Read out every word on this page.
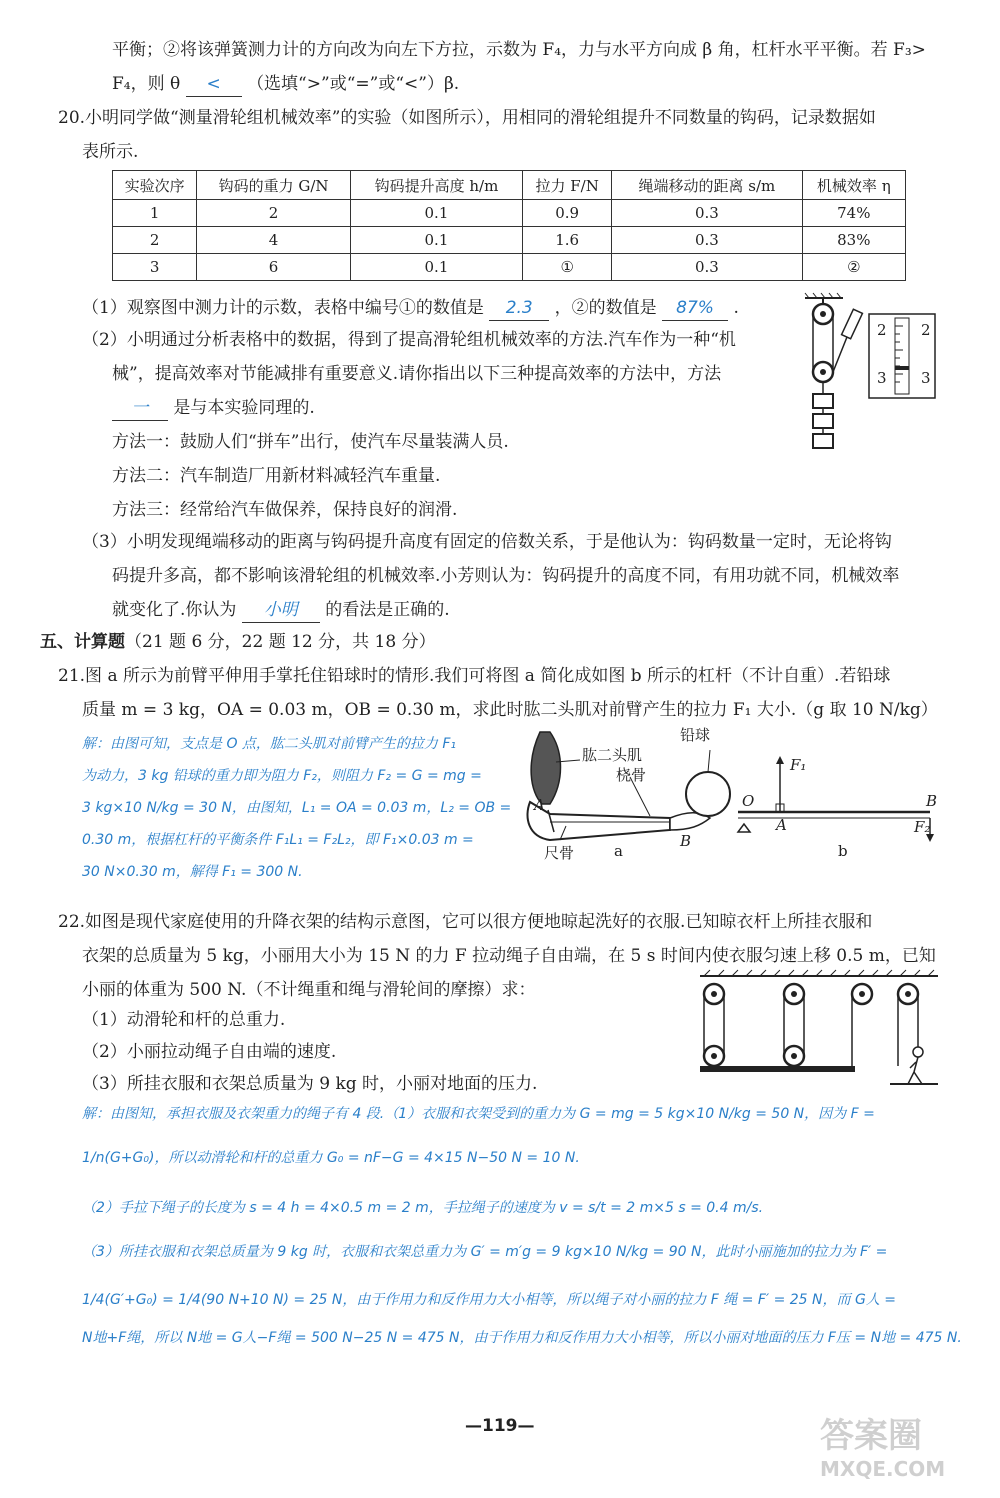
平衡；②将该弹簧测力计的方向改为向左下方拉，示数为 F₄，力与水平方向成 β 角，杠杆水平平衡。若 F₃>
F₄，则 θ < （选填“>”或“=”或“<”）β.
20.小明同学做“测量滑轮组机械效率”的实验（如图所示），用相同的滑轮组提升不同数量的钩码，记录数据如
表所示.
实验次序	钩码的重力 G/N	钩码提升高度 h/m	拉力 F/N	绳端移动的距离 s/m	机械效率 η
1	2	0.1	0.9	0.3	74%
2	4	0.1	1.6	0.3	83%
3	6	0.1	①	0.3	②
（1）观察图中测力计的示数，表格中编号①的数值是 2.3 ，②的数值是 87% .
（2）小明通过分析表格中的数据，得到了提高滑轮组机械效率的方法.汽车作为一种“机
械”，提高效率对节能减排有重要意义.请你指出以下三种提高效率的方法中，方法
一 是与本实验同理的.
方法一：鼓励人们“拼车”出行，使汽车尽量装满人员.
方法二：汽车制造厂用新材料减轻汽车重量.
方法三：经常给汽车做保养，保持良好的润滑.
（3）小明发现绳端移动的距离与钩码提升高度有固定的倍数关系，于是他认为：钩码数量一定时，无论将钩
码提升多高，都不影响该滑轮组的机械效率.小芳则认为：钩码提升的高度不同，有用功就不同，机械效率
就变化了.你认为 小明 的看法是正确的.
2 2
3 3
五、计算题（21 题 6 分，22 题 12 分，共 18 分）
21.图 a 所示为前臂平伸用手掌托住铅球时的情形.我们可将图 a 简化成如图 b 所示的杠杆（不计自重）.若铅球
质量 m = 3 kg，OA = 0.03 m，OB = 0.30 m，求此时肱二头肌对前臂产生的拉力 F₁ 大小.（g 取 10 N/kg）
解：由图可知，支点是 O 点，肱二头肌对前臂产生的拉力 F₁
为动力，3 kg 铅球的重力即为阻力 F₂，则阻力 F₂ = G = mg =
3 kg×10 N/kg = 30 N，由图知，L₁ = OA = 0.03 m，L₂ = OB =
0.30 m，根据杠杆的平衡条件 F₁L₁ = F₂L₂，即 F₁×0.03 m =
30 N×0.30 m，解得 F₁ = 300 N.
肱二头肌
铅球
桡骨
A
B
尺骨	a
F₁
O
A
B
F₂
b
22.如图是现代家庭使用的升降衣架的结构示意图，它可以很方便地晾起洗好的衣服.已知晾衣杆上所挂衣服和
衣架的总质量为 5 kg，小丽用大小为 15 N 的力 F 拉动绳子自由端，在 5 s 时间内使衣服匀速上移 0.5 m，已知
小丽的体重为 500 N.（不计绳重和绳与滑轮间的摩擦）求：
（1）动滑轮和杆的总重力.
（2）小丽拉动绳子自由端的速度.
（3）所挂衣服和衣架总质量为 9 kg 时，小丽对地面的压力.
解：由图知，承担衣服及衣架重力的绳子有 4 段.（1）衣服和衣架受到的重力为 G = mg = 5 kg×10 N/kg = 50 N，因为 F =
1/n(G+G₀)，所以动滑轮和杆的总重力 G₀ = nF−G = 4×15 N−50 N = 10 N.
（2）手拉下绳子的长度为 s = 4 h = 4×0.5 m = 2 m，手拉绳子的速度为 v = s/t = 2 m×5 s = 0.4 m/s.
（3）所挂衣服和衣架总质量为 9 kg 时，衣服和衣架总重力为 G′ = m′g = 9 kg×10 N/kg = 90 N，此时小丽施加的拉力为 F′ =
1/4(G′+G₀) = 1/4(90 N+10 N) = 25 N，由于作用力和反作用力大小相等，所以绳子对小丽的拉力 F 绳 = F′ = 25 N，而 G人 =
N地+F绳，所以 N地 = G人−F绳 = 500 N−25 N = 475 N，由于作用力和反作用力大小相等，所以小丽对地面的压力 F压 = N地 = 475 N.
—119—	答案圈
MXQE.COM
